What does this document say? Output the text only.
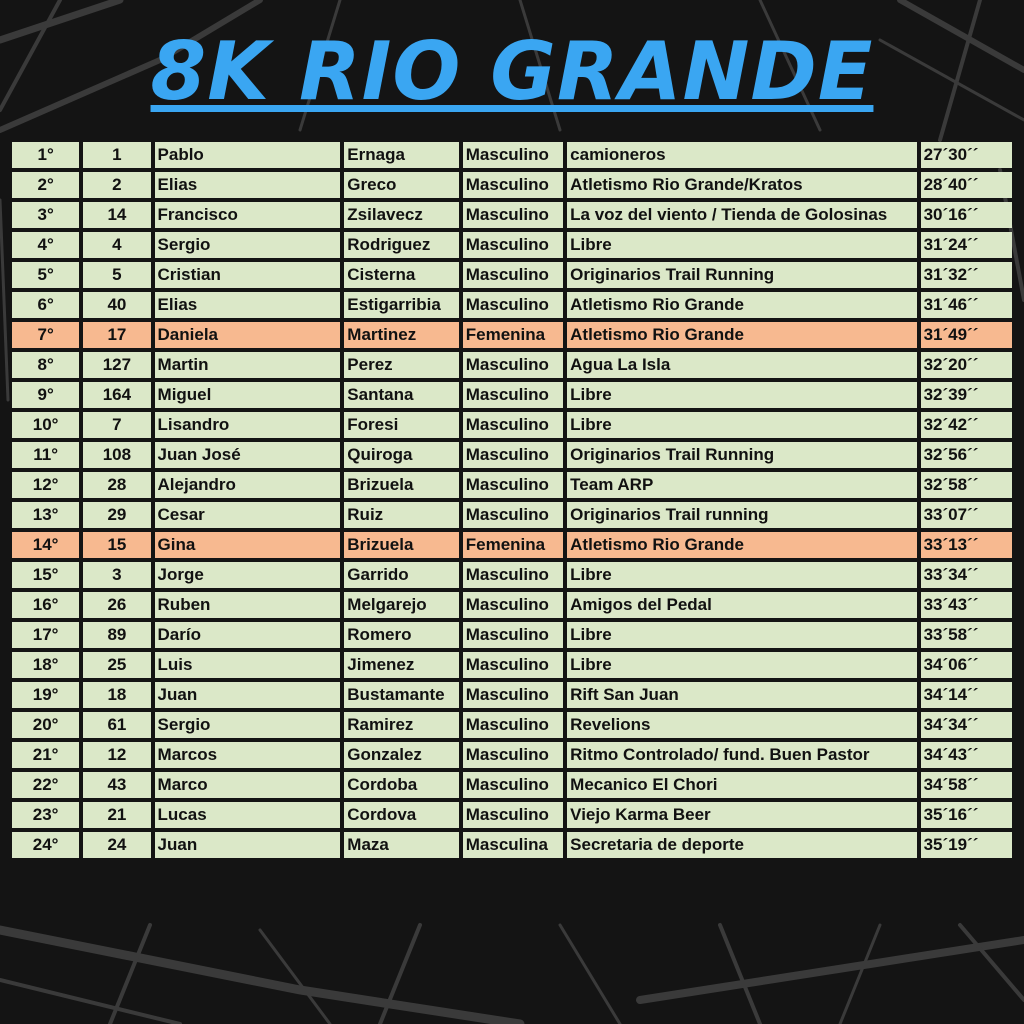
8K RIO GRANDE
1°	1	Pablo	Ernaga	Masculino	camioneros	27´30´´
2°	2	Elias	Greco	Masculino	Atletismo Rio Grande/Kratos	28´40´´
3°	14	Francisco	Zsilavecz	Masculino	La voz del viento / Tienda de Golosinas	30´16´´
4°	4	Sergio	Rodriguez	Masculino	Libre	31´24´´
5°	5	Cristian	Cisterna	Masculino	Originarios Trail Running	31´32´´
6°	40	Elias	Estigarribia	Masculino	Atletismo Rio Grande	31´46´´
7°	17	Daniela	Martinez	Femenina	Atletismo Rio Grande	31´49´´
8°	127	Martin	Perez	Masculino	Agua La Isla	32´20´´
9°	164	Miguel	Santana	Masculino	Libre	32´39´´
10°	7	Lisandro	Foresi	Masculino	Libre	32´42´´
11°	108	Juan José	Quiroga	Masculino	Originarios Trail Running	32´56´´
12°	28	Alejandro	Brizuela	Masculino	Team ARP	32´58´´
13°	29	Cesar	Ruiz	Masculino	Originarios Trail running	33´07´´
14°	15	Gina	Brizuela	Femenina	Atletismo Rio Grande	33´13´´
15°	3	Jorge	Garrido	Masculino	Libre	33´34´´
16°	26	Ruben	Melgarejo	Masculino	Amigos del Pedal	33´43´´
17°	89	Darío	Romero	Masculino	Libre	33´58´´
18°	25	Luis	Jimenez	Masculino	Libre	34´06´´
19°	18	Juan	Bustamante	Masculino	Rift San Juan	34´14´´
20°	61	Sergio	Ramirez	Masculino	Revelions	34´34´´
21°	12	Marcos	Gonzalez	Masculino	Ritmo Controlado/ fund. Buen Pastor	34´43´´
22°	43	Marco	Cordoba	Masculino	Mecanico El Chori	34´58´´
23°	21	Lucas	Cordova	Masculino	Viejo Karma Beer	35´16´´
24°	24	Juan	Maza	Masculina	Secretaria de deporte	35´19´´
